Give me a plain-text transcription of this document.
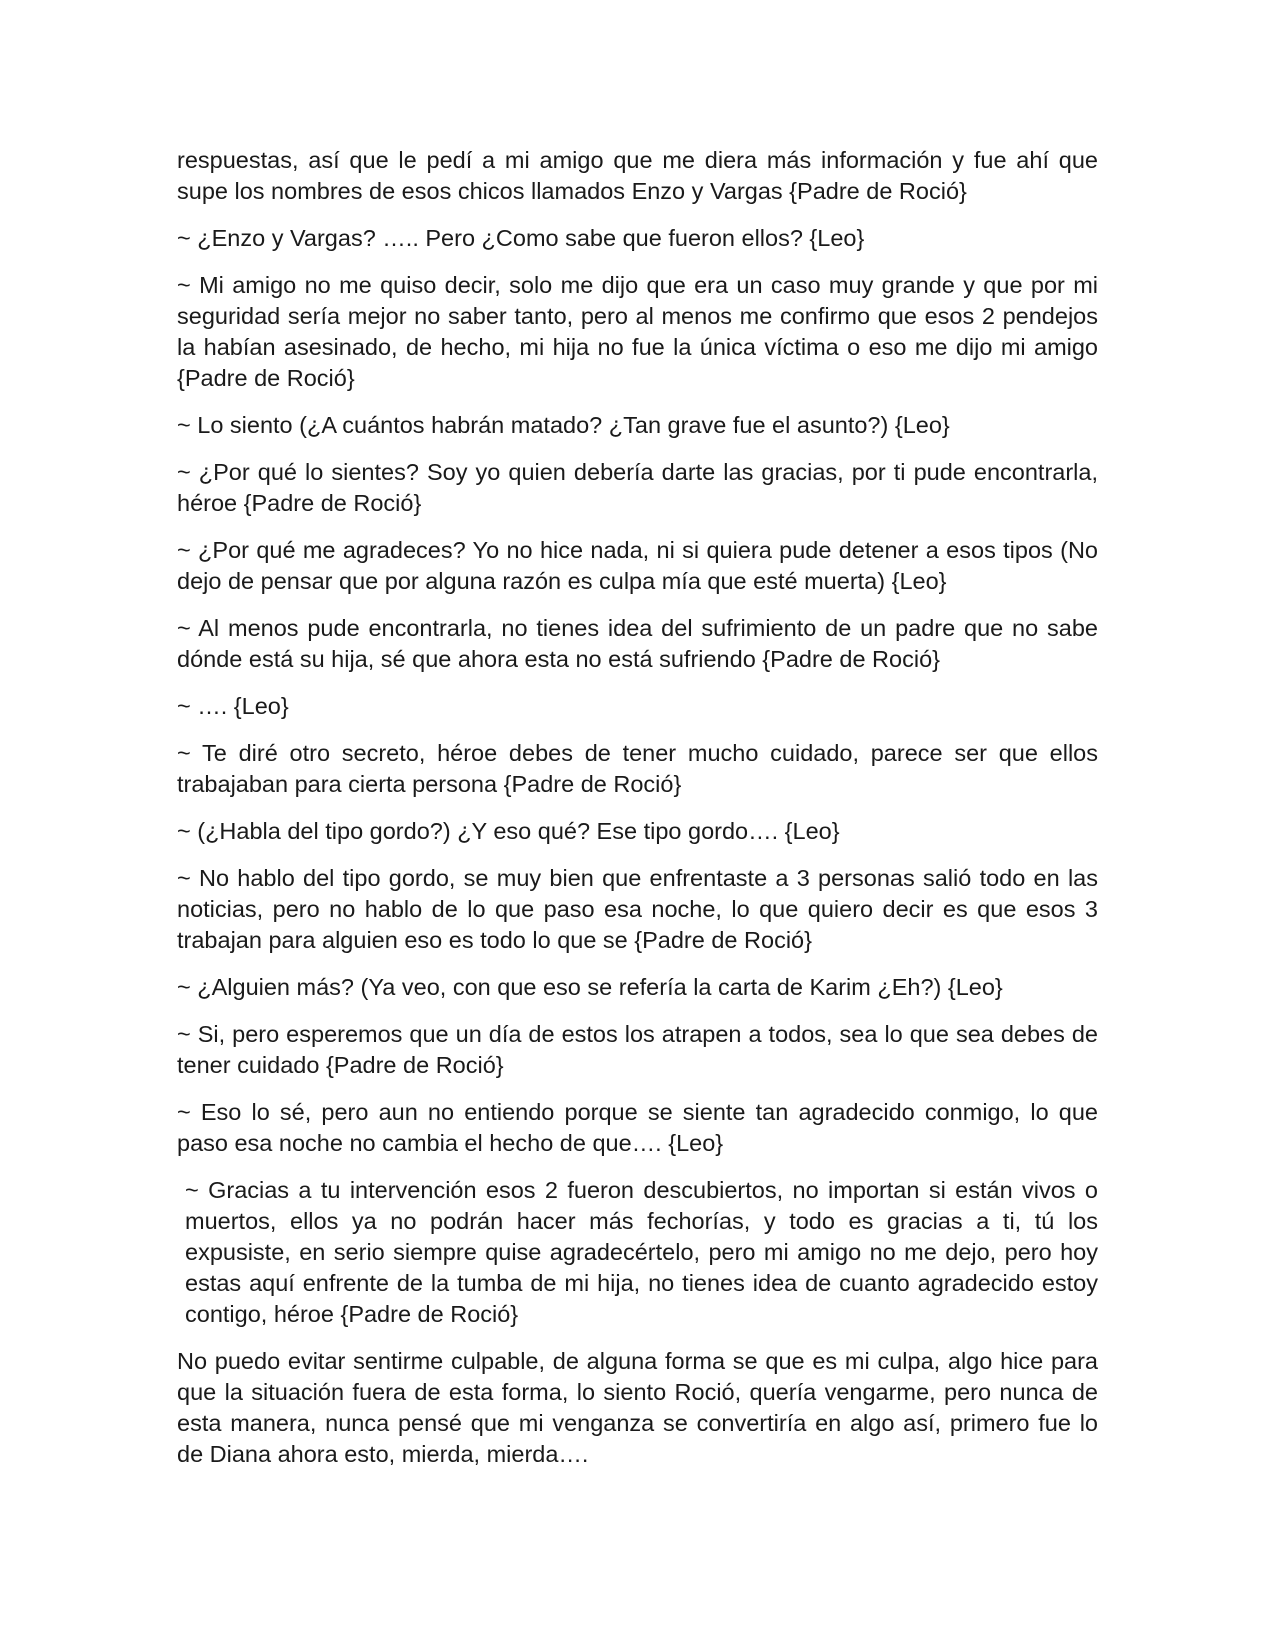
respuestas, así que le pedí a mi amigo que me diera más información y fue ahí que supe los nombres de esos chicos llamados Enzo y Vargas {Padre de Roció}

~ ¿Enzo y Vargas? ….. Pero ¿Como sabe que fueron ellos? {Leo}

~ Mi amigo no me quiso decir, solo me dijo que era un caso muy grande y que por mi seguridad sería mejor no saber tanto, pero al menos me confirmo que esos 2 pendejos la habían asesinado, de hecho, mi hija no fue la única víctima o eso me dijo mi amigo {Padre de Roció}

~ Lo siento (¿A cuántos habrán matado? ¿Tan grave fue el asunto?) {Leo}

~ ¿Por qué lo sientes? Soy yo quien debería darte las gracias, por ti pude encontrarla, héroe {Padre de Roció}

~ ¿Por qué me agradeces? Yo no hice nada, ni si quiera pude detener a esos tipos (No dejo de pensar que por alguna razón es culpa mía que esté muerta) {Leo}

~ Al menos pude encontrarla, no tienes idea del sufrimiento de un padre que no sabe dónde está su hija, sé que ahora esta no está sufriendo {Padre de Roció}

~ …. {Leo}

~ Te diré otro secreto, héroe debes de tener mucho cuidado, parece ser que ellos trabajaban para cierta persona {Padre de Roció}

~ (¿Habla del tipo gordo?) ¿Y eso qué? Ese tipo gordo…. {Leo}

~ No hablo del tipo gordo, se muy bien que enfrentaste a 3 personas salió todo en las noticias, pero no hablo de lo que paso esa noche, lo que quiero decir es que esos 3 trabajan para alguien eso es todo lo que se {Padre de Roció}

~ ¿Alguien más? (Ya veo, con que eso se refería la carta de Karim ¿Eh?) {Leo}

~ Si, pero esperemos que un día de estos los atrapen a todos, sea lo que sea debes de tener cuidado {Padre de Roció}

~ Eso lo sé, pero aun no entiendo porque se siente tan agradecido conmigo, lo que paso esa noche no cambia el hecho de que…. {Leo}

~ Gracias a tu intervención esos 2 fueron descubiertos, no importan si están vivos o muertos, ellos ya no podrán hacer más fechorías, y todo es gracias a ti, tú los expusiste, en serio siempre quise agradecértelo, pero mi amigo no me dejo, pero hoy estas aquí enfrente de la tumba de mi hija, no tienes idea de cuanto agradecido estoy contigo, héroe {Padre de Roció}

No puedo evitar sentirme culpable, de alguna forma se que es mi culpa, algo hice para que la situación fuera de esta forma, lo siento Roció, quería vengarme, pero nunca de esta manera, nunca pensé que mi venganza se convertiría en algo así, primero fue lo de Diana ahora esto, mierda, mierda….
